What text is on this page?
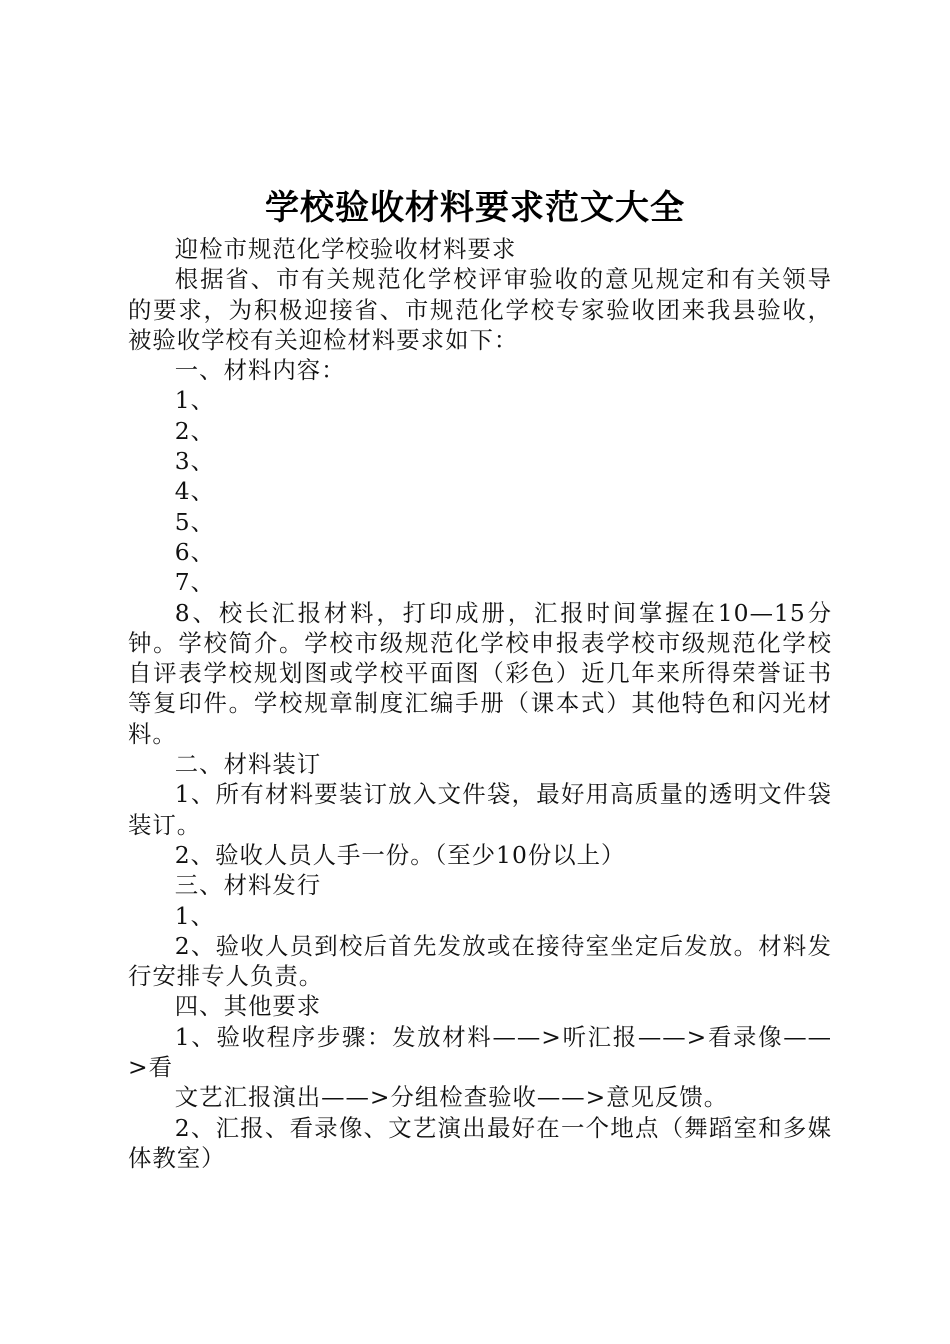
学校验收材料要求范文大全

迎检市规范化学校验收材料要求

根据省、市有关规范化学校评审验收的意见规定和有关领导的要求，为积极迎接省、市规范化学校专家验收团来我县验收，被验收学校有关迎检材料要求如下：

一、材料内容：

1、

2、

3、

4、

5、

6、

7、

8、校长汇报材料，打印成册，汇报时间掌握在10—15分钟。学校简介。学校市级规范化学校申报表学校市级规范化学校自评表学校规划图或学校平面图（彩色）近几年来所得荣誉证书等复印件。学校规章制度汇编手册（课本式）其他特色和闪光材料。

二、材料装订

1、所有材料要装订放入文件袋，最好用高质量的透明文件袋装订。

2、验收人员人手一份。（至少10份以上）

三、材料发行

1、

2、验收人员到校后首先发放或在接待室坐定后发放。材料发行安排专人负责。

四、其他要求

1、验收程序步骤：发放材料——>听汇报——>看录像——>看

文艺汇报演出——>分组检查验收——>意见反馈。

2、汇报、看录像、文艺演出最好在一个地点（舞蹈室和多媒体教室）
